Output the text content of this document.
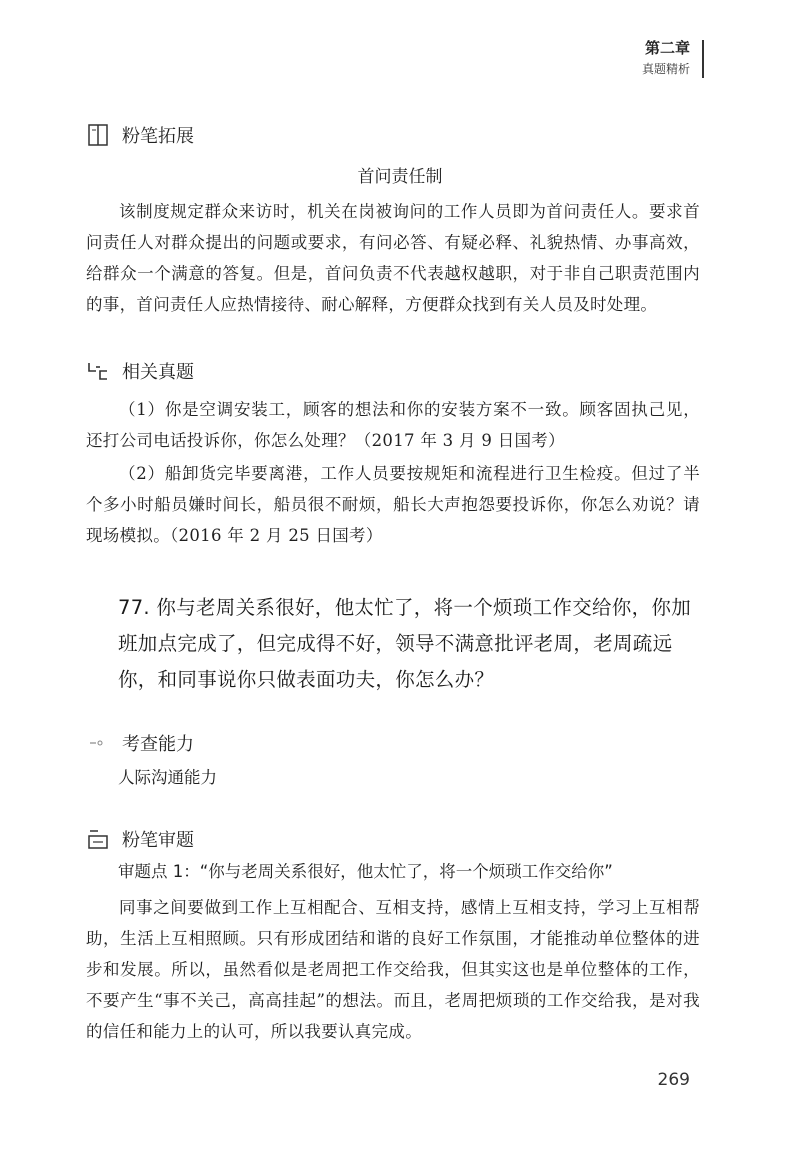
第二章
真题精析
粉笔拓展
首问责任制
该制度规定群众来访时，机关在岗被询问的工作人员即为首问责任人。要求首问责任人对群众提出的问题或要求，有问必答、有疑必释、礼貌热情、办事高效，给群众一个满意的答复。但是，首问负责不代表越权越职，对于非自己职责范围内的事，首问责任人应热情接待、耐心解释，方便群众找到有关人员及时处理。
相关真题
（1）你是空调安装工，顾客的想法和你的安装方案不一致。顾客固执己见，还打公司电话投诉你，你怎么处理？（2017 年 3 月 9 日国考）
（2）船卸货完毕要离港，工作人员要按规矩和流程进行卫生检疫。但过了半个多小时船员嫌时间长，船员很不耐烦，船长大声抱怨要投诉你，你怎么劝说？请现场模拟。（2016 年 2 月 25 日国考）
77. 你与老周关系很好，他太忙了，将一个烦琐工作交给你，你加班加点完成了，但完成得不好，领导不满意批评老周，老周疏远你，和同事说你只做表面功夫，你怎么办？
考查能力
人际沟通能力
粉笔审题
审题点 1：“你与老周关系很好，他太忙了，将一个烦琐工作交给你”
同事之间要做到工作上互相配合、互相支持，感情上互相支持，学习上互相帮助，生活上互相照顾。只有形成团结和谐的良好工作氛围，才能推动单位整体的进步和发展。所以，虽然看似是老周把工作交给我，但其实这也是单位整体的工作，不要产生“事不关己，高高挂起”的想法。而且，老周把烦琐的工作交给我，是对我的信任和能力上的认可，所以我要认真完成。
269
